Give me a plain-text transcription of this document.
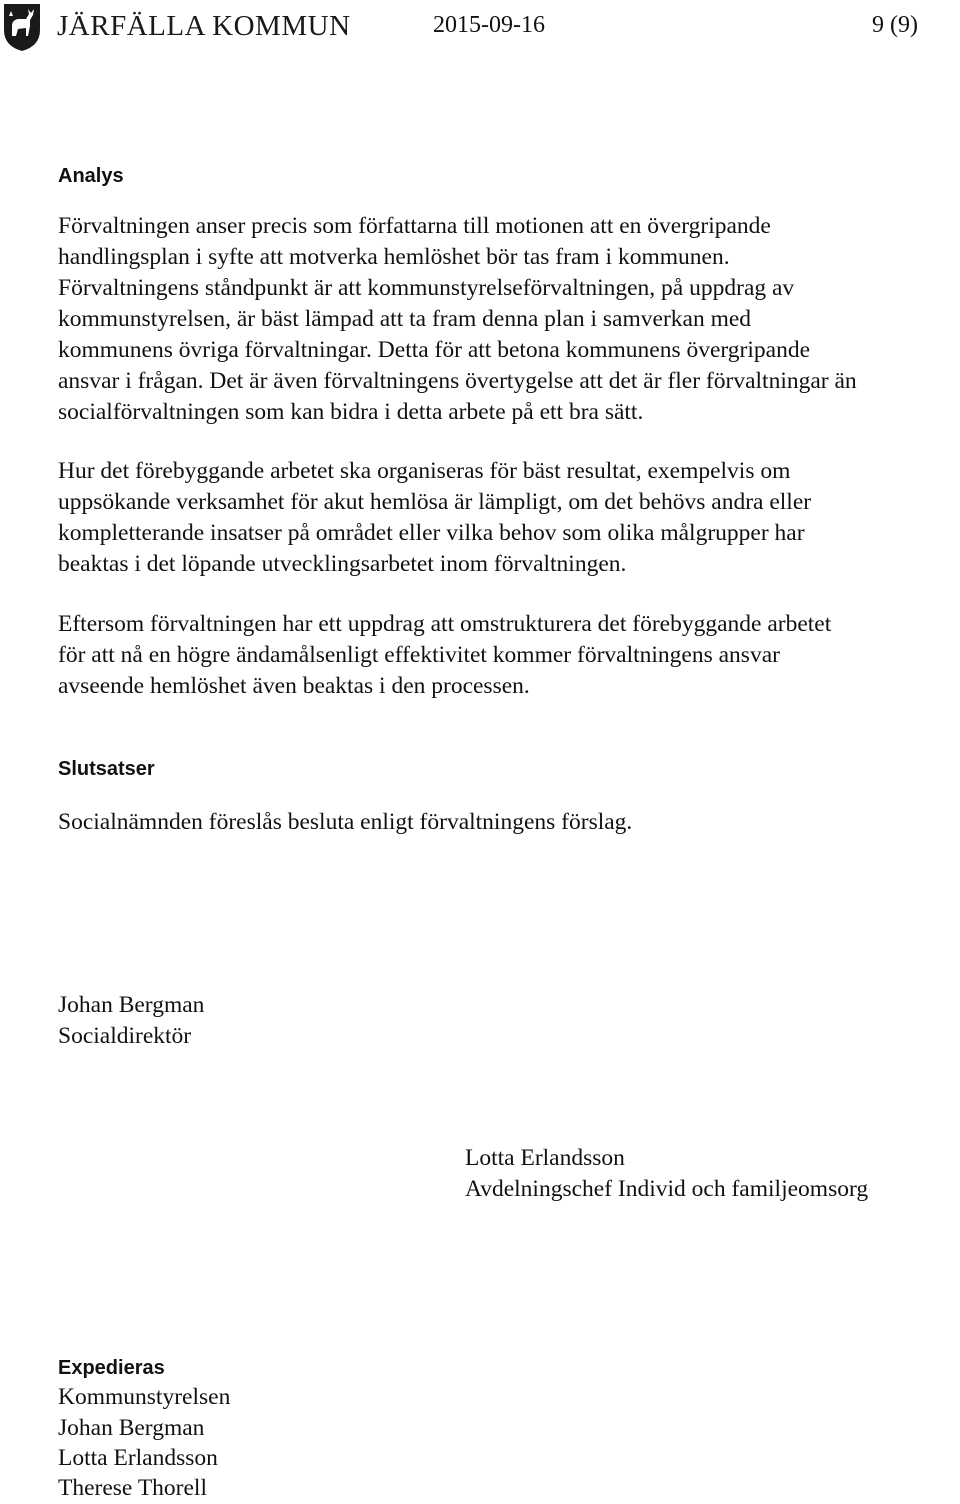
JÄRFÄLLA KOMMUN	2015-09-16	9 (9)
Analys
Förvaltningen anser precis som författarna till motionen att en övergripande
handlingsplan i syfte att motverka hemlöshet bör tas fram i kommunen.
Förvaltningens ståndpunkt är att kommunstyrelseförvaltningen, på uppdrag av
kommunstyrelsen, är bäst lämpad att ta fram denna plan i samverkan med
kommunens övriga förvaltningar. Detta för att betona kommunens övergripande
ansvar i frågan. Det är även förvaltningens övertygelse att det är fler förvaltningar än
socialförvaltningen som kan bidra i detta arbete på ett bra sätt.
Hur det förebyggande arbetet ska organiseras för bäst resultat, exempelvis om
uppsökande verksamhet för akut hemlösa är lämpligt, om det behövs andra eller
kompletterande insatser på området eller vilka behov som olika målgrupper har
beaktas i det löpande utvecklingsarbetet inom förvaltningen.
Eftersom förvaltningen har ett uppdrag att omstrukturera det förebyggande arbetet
för att nå en högre ändamålsenligt effektivitet kommer förvaltningens ansvar
avseende hemlöshet även beaktas i den processen.
Slutsatser
Socialnämnden föreslås besluta enligt förvaltningens förslag.
Johan Bergman
Socialdirektör
Lotta Erlandsson
Avdelningschef Individ och familjeomsorg
Expedieras
Kommunstyrelsen
Johan Bergman
Lotta Erlandsson
Therese Thorell
